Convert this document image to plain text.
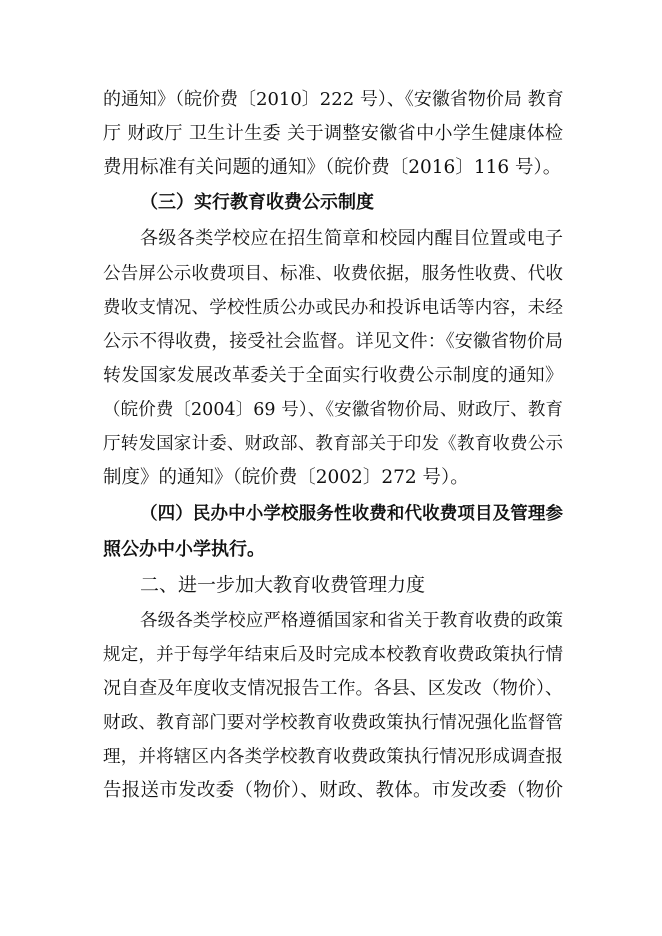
的通知》（皖价费〔2010〕222 号）、《安徽省物价局 教育
厅 财政厅 卫生计生委 关于调整安徽省中小学生健康体检
费用标准有关问题的通知》（皖价费〔2016〕116 号）。
（三）实行教育收费公示制度
各级各类学校应在招生简章和校园内醒目位置或电子
公告屏公示收费项目、标准、收费依据，服务性收费、代收
费收支情况、学校性质公办或民办和投诉电话等内容，未经
公示不得收费，接受社会监督。详见文件：《安徽省物价局
转发国家发展改革委关于全面实行收费公示制度的通知》
（皖价费〔2004〕69 号）、《安徽省物价局、财政厅、教育
厅转发国家计委、财政部、教育部关于印发《教育收费公示
制度》的通知》（皖价费〔2002〕272 号）。
（四）民办中小学校服务性收费和代收费项目及管理参
照公办中小学执行。
二、进一步加大教育收费管理力度
各级各类学校应严格遵循国家和省关于教育收费的政策
规定，并于每学年结束后及时完成本校教育收费政策执行情
况自查及年度收支情况报告工作。各县、区发改（物价）、
财政、教育部门要对学校教育收费政策执行情况强化监督管
理，并将辖区内各类学校教育收费政策执行情况形成调查报
告报送市发改委（物价）、财政、教体。市发改委（物价
